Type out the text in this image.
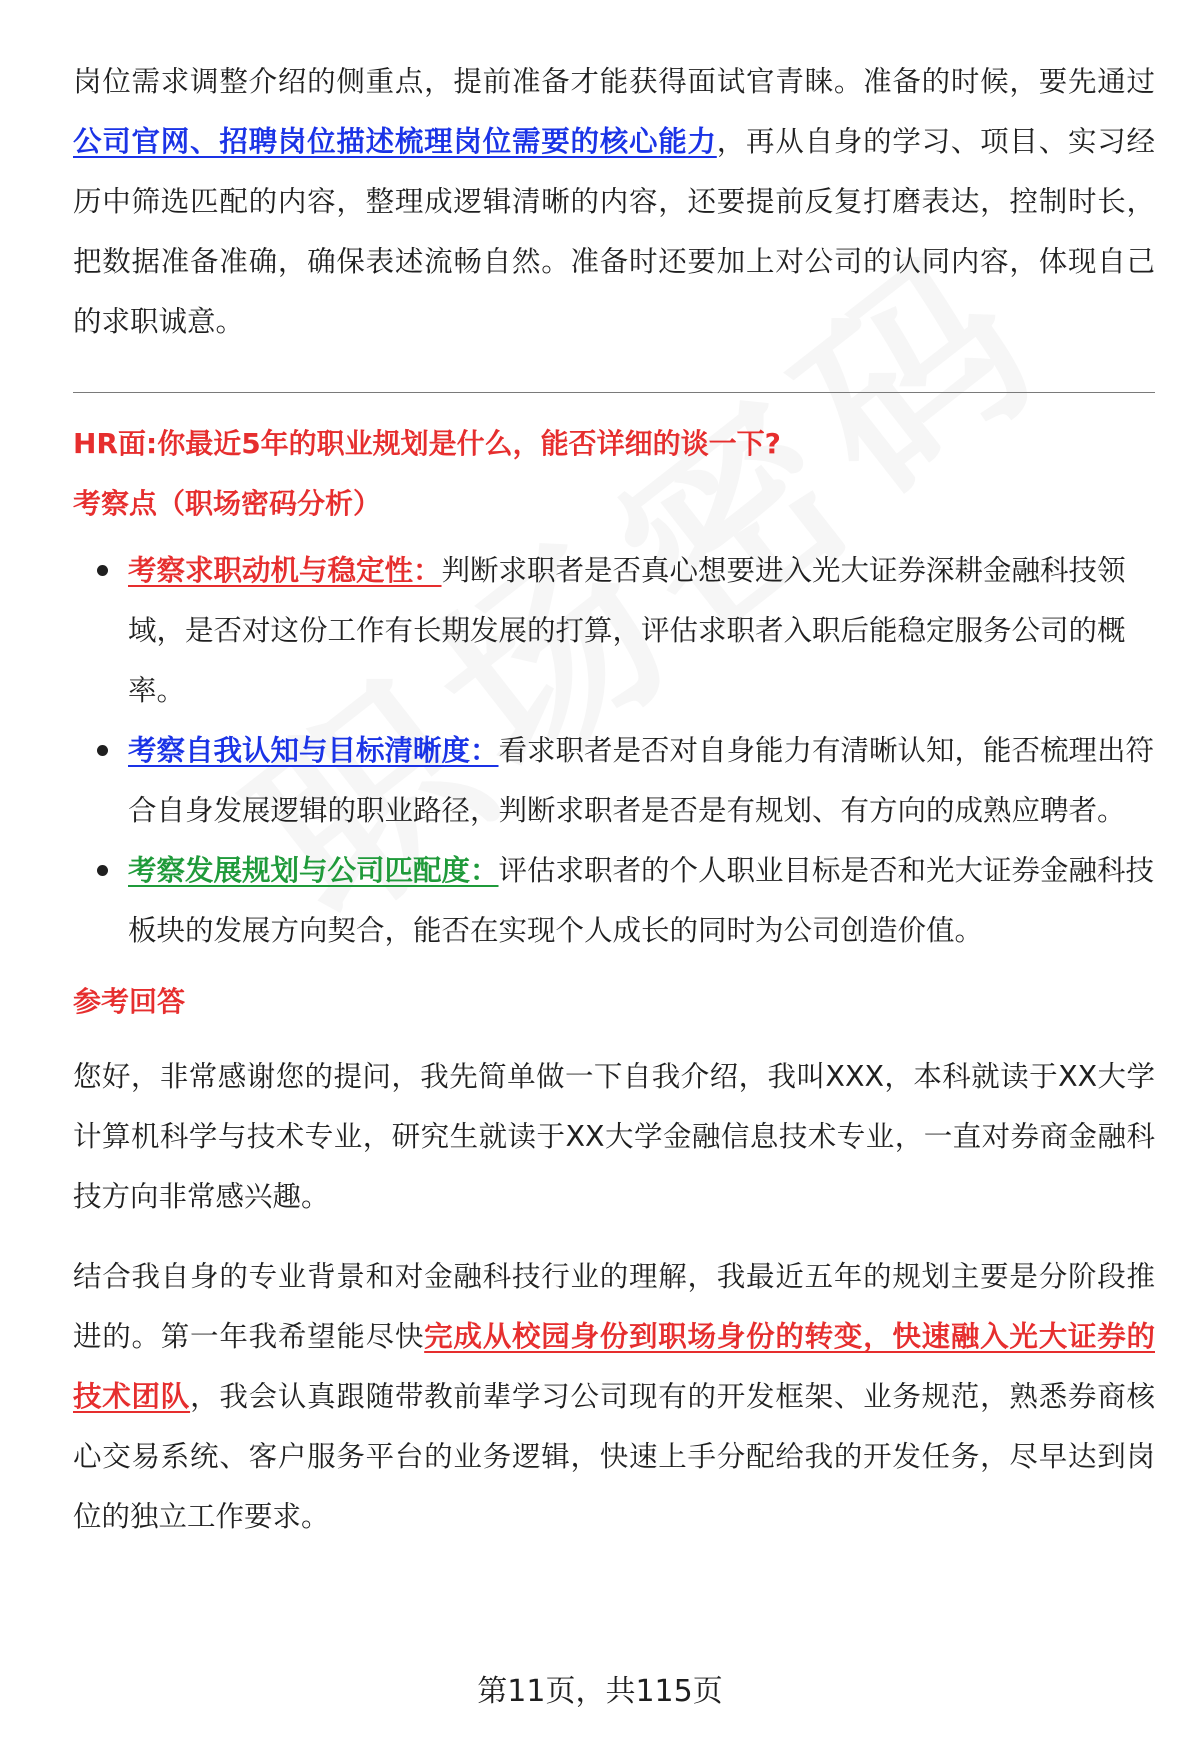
岗位需求调整介绍的侧重点，提前准备才能获得面试官青睐。准备的时候，要先通过公司官网、招聘岗位描述梳理岗位需要的核心能力，再从自身的学习、项目、实习经历中筛选匹配的内容，整理成逻辑清晰的内容，还要提前反复打磨表达，控制时长，把数据准备准确，确保表述流畅自然。准备时还要加上对公司的认同内容，体现自己的求职诚意。

HR面:你最近5年的职业规划是什么，能否详细的谈一下?

考察点（职场密码分析）

考察求职动机与稳定性：判断求职者是否真心想要进入光大证券深耕金融科技领域，是否对这份工作有长期发展的打算，评估求职者入职后能稳定服务公司的概率。
考察自我认知与目标清晰度：看求职者是否对自身能力有清晰认知，能否梳理出符合自身发展逻辑的职业路径，判断求职者是否是有规划、有方向的成熟应聘者。
考察发展规划与公司匹配度：评估求职者的个人职业目标是否和光大证券金融科技板块的发展方向契合，能否在实现个人成长的同时为公司创造价值。

参考回答

您好，非常感谢您的提问，我先简单做一下自我介绍，我叫XXX，本科就读于XX大学计算机科学与技术专业，研究生就读于XX大学金融信息技术专业，一直对券商金融科技方向非常感兴趣。

结合我自身的专业背景和对金融科技行业的理解，我最近五年的规划主要是分阶段推进的。第一年我希望能尽快完成从校园身份到职场身份的转变，快速融入光大证券的技术团队，我会认真跟随带教前辈学习公司现有的开发框架、业务规范，熟悉券商核心交易系统、客户服务平台的业务逻辑，快速上手分配给我的开发任务，尽早达到岗位的独立工作要求。

第11页，共115页
